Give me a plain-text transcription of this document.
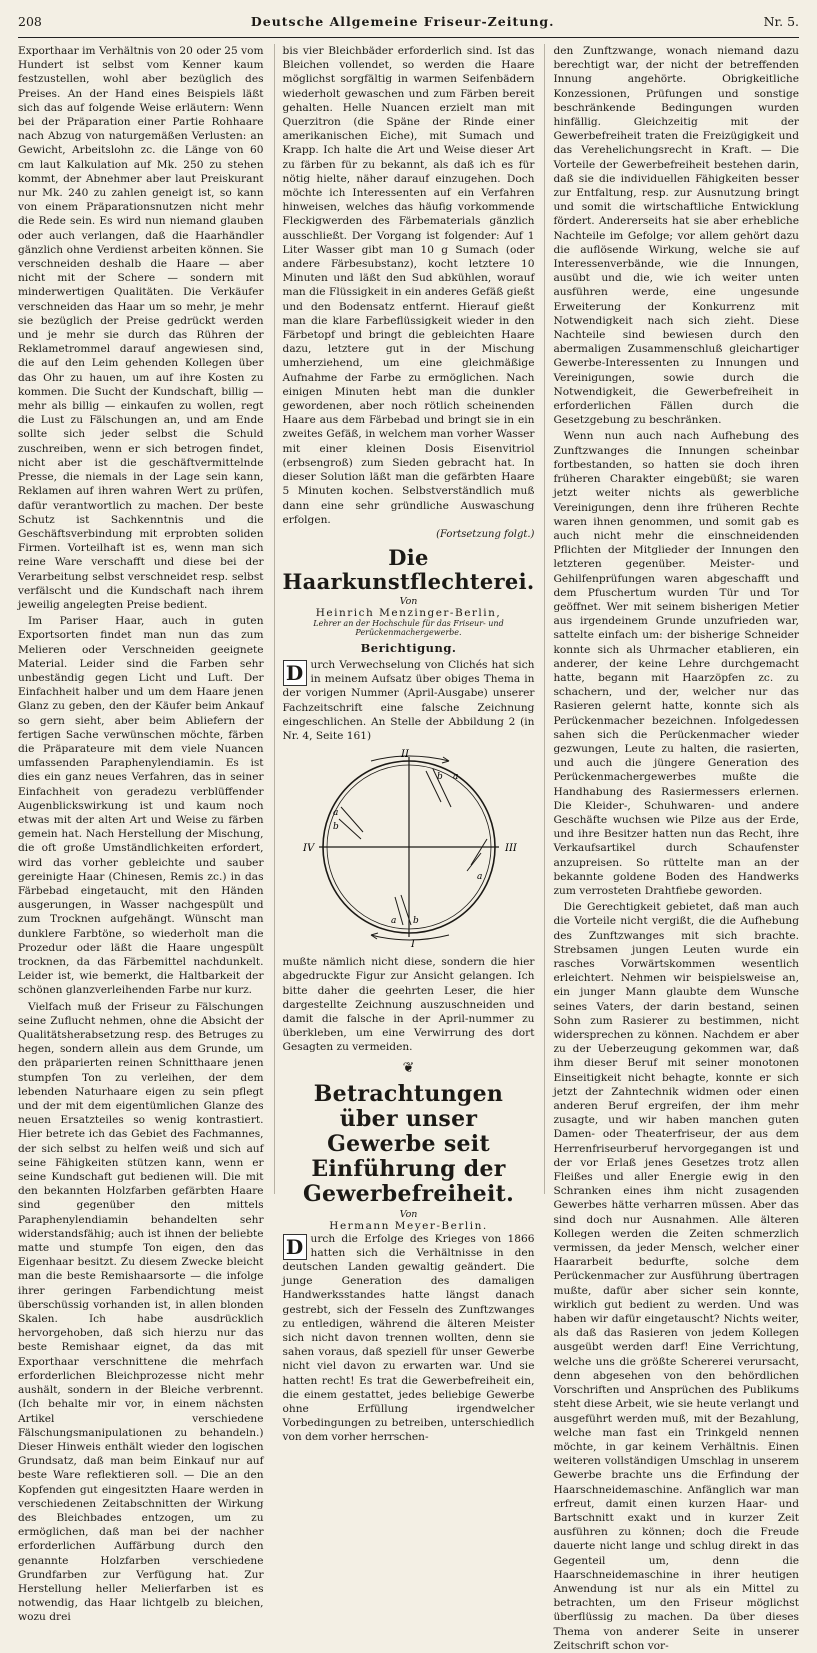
208	Deutsche Allgemeine Friseur-Zeitung.	Nr. 5.

Exporthaar im Verhältnis von 20 oder 25 vom Hundert ist selbst vom Kenner kaum festzustellen, wohl aber bezüglich des Preises. An der Hand eines Beispiels läßt sich das auf folgende Weise erläutern: Wenn bei der Präparation einer Partie Rohhaare nach Abzug von naturgemäßen Verlusten: an Gewicht, Arbeitslohn zc. die Länge von 60 cm laut Kalkulation auf Mk. 250 zu stehen kommt, der Abnehmer aber laut Preiskurant nur Mk. 240 zu zahlen geneigt ist, so kann von einem Präparationsnutzen nicht mehr die Rede sein. Es wird nun niemand glauben oder auch verlangen, daß die Haarhändler gänzlich ohne Verdienst arbeiten können. Sie verschneiden deshalb die Haare — aber nicht mit der Schere — sondern mit minderwertigen Qualitäten. Die Verkäufer verschneiden das Haar um so mehr, je mehr sie bezüglich der Preise gedrückt werden und je mehr sie durch das Rühren der Reklametrommel darauf angewiesen sind, die auf den Leim gehenden Kollegen über das Ohr zu hauen, um auf ihre Kosten zu kommen. Die Sucht der Kundschaft, billig — mehr als billig — einkaufen zu wollen, regt die Lust zu Fälschungen an, und am Ende sollte sich jeder selbst die Schuld zuschreiben, wenn er sich betrogen findet, nicht aber ist die geschäftvermittelnde Presse, die niemals in der Lage sein kann, Reklamen auf ihren wahren Wert zu prüfen, dafür verantwortlich zu machen. Der beste Schutz ist Sachkenntnis und die Geschäftsverbindung mit erprobten soliden Firmen. Vorteilhaft ist es, wenn man sich reine Ware verschafft und diese bei der Verarbeitung selbst verschneidet resp. selbst verfälscht und die Kundschaft nach ihrem jeweilig angelegten Preise bedient.

Im Pariser Haar, auch in guten Exportsorten findet man nun das zum Melieren oder Verschneiden geeignete Material. Leider sind die Farben sehr unbeständig gegen Licht und Luft. Der Einfachheit halber und um dem Haare jenen Glanz zu geben, den der Käufer beim Ankauf so gern sieht, aber beim Abliefern der fertigen Sache verwünschen möchte, färben die Präparateure mit dem viele Nuancen umfassenden Paraphenylendiamin. Es ist dies ein ganz neues Verfahren, das in seiner Einfachheit von geradezu verblüffender Augenblickswirkung ist und kaum noch etwas mit der alten Art und Weise zu färben gemein hat. Nach Herstellung der Mischung, die oft große Umständlichkeiten erfordert, wird das vorher gebleichte und sauber gereinigte Haar (Chinesen, Remis zc.) in das Färbebad eingetaucht, mit den Händen ausgerungen, in Wasser nachgespült und zum Trocknen aufgehängt. Wünscht man dunklere Farbtöne, so wiederholt man die Prozedur oder läßt die Haare ungespült trocknen, da das Färbemittel nachdunkelt. Leider ist, wie bemerkt, die Haltbarkeit der schönen glanzverleihenden Farbe nur kurz.

Vielfach muß der Friseur zu Fälschungen seine Zuflucht nehmen, ohne die Absicht der Qualitätsherabsetzung resp. des Betruges zu hegen, sondern allein aus dem Grunde, um den präparierten reinen Schnitthaare jenen stumpfen Ton zu verleihen, der dem lebenden Naturhaare eigen zu sein pflegt und der mit dem eigentümlichen Glanze des neuen Ersatzteiles so wenig kontrastiert. Hier betrete ich das Gebiet des Fachmannes, der sich selbst zu helfen weiß und sich auf seine Fähigkeiten stützen kann, wenn er seine Kundschaft gut bedienen will. Die mit den bekannten Holzfarben gefärbten Haare sind gegenüber den mittels Paraphenylendiamin behandelten sehr widerstandsfähig; auch ist ihnen der beliebte matte und stumpfe Ton eigen, den das Eigenhaar besitzt. Zu diesem Zwecke bleicht man die beste Remishaarsorte — die infolge ihrer geringen Farbendichtung meist überschüssig vorhanden ist, in allen blonden Skalen. Ich habe ausdrücklich hervorgehoben, daß sich hierzu nur das beste Remishaar eignet, da das mit Exporthaar verschnittene die mehrfach erforderlichen Bleichprozesse nicht mehr aushält, sondern in der Bleiche verbrennt. (Ich behalte mir vor, in einem nächsten Artikel verschiedene Fälschungsmanipulationen zu behandeln.) Dieser Hinweis enthält wieder den logischen Grundsatz, daß man beim Einkauf nur auf beste Ware reflektieren soll. — Die an den Kopfenden gut eingesitzten Haare werden in verschiedenen Zeitabschnitten der Wirkung des Bleichbades entzogen, um zu ermöglichen, daß man bei der nachher erforderlichen Auffärbung durch den genannte Holzfarben verschiedene Grundfarben zur Verfügung hat. Zur Herstellung heller Melierfarben ist es notwendig, das Haar lichtgelb zu bleichen, wozu drei

bis vier Bleichbäder erforderlich sind. Ist das Bleichen vollendet, so werden die Haare möglichst sorgfältig in warmen Seifenbädern wiederholt gewaschen und zum Färben bereit gehalten. Helle Nuancen erzielt man mit Querzitron (die Späne der Rinde einer amerikanischen Eiche), mit Sumach und Krapp. Ich halte die Art und Weise dieser Art zu färben für zu bekannt, als daß ich es für nötig hielte, näher darauf einzugehen. Doch möchte ich Interessenten auf ein Verfahren hinweisen, welches das häufig vorkommende Fleckigwerden des Färbematerials gänzlich ausschließt. Der Vorgang ist folgender: Auf 1 Liter Wasser gibt man 10 g Sumach (oder andere Färbesubstanz), kocht letztere 10 Minuten und läßt den Sud abkühlen, worauf man die Flüssigkeit in ein anderes Gefäß gießt und den Bodensatz entfernt. Hierauf gießt man die klare Farbeflüssigkeit wieder in den Färbetopf und bringt die gebleichten Haare dazu, letztere gut in der Mischung umherziehend, um eine gleichmäßige Aufnahme der Farbe zu ermöglichen. Nach einigen Minuten hebt man die dunkler gewordenen, aber noch rötlich scheinenden Haare aus dem Färbebad und bringt sie in ein zweites Gefäß, in welchem man vorher Wasser mit einer kleinen Dosis Eisenvitriol (erbsengroß) zum Sieden gebracht hat. In dieser Solution läßt man die gefärbten Haare 5 Minuten kochen. Selbstverständlich muß dann eine sehr gründliche Auswaschung erfolgen.

(Fortsetzung folgt.)

Die Haarkunstflechterei.

Von

Heinrich Menzinger-Berlin,

Lehrer an der Hochschule für das Friseur- und Perückenmachergewerbe.

Berichtigung.

D urch Verwechselung von Clichés hat sich in meinem Aufsatz über obiges Thema in der vorigen Nummer (April-Ausgabe) unserer Fachzeitschrift eine falsche Zeichnung eingeschlichen. An Stelle der Abbildung 2 (in Nr. 4, Seite 161)

II
IV	III
I
a
b
a
b
a
a b

mußte nämlich nicht diese, sondern die hier abgedruckte Figur zur Ansicht gelangen. Ich bitte daher die geehrten Leser, die hier dargestellte Zeichnung auszuschneiden und damit die falsche in der April-nummer zu überkleben, um eine Verwirrung des dort Gesagten zu vermeiden.

❦
Betrachtungen über unser Gewerbe seit Einführung der Gewerbefreiheit.

Von

Hermann Meyer-Berlin.

D urch die Erfolge des Krieges von 1866 hatten sich die Verhältnisse in den deutschen Landen gewaltig geändert. Die junge Generation des damaligen Handwerksstandes hatte längst danach gestrebt, sich der Fesseln des Zunftzwanges zu entledigen, während die älteren Meister sich nicht davon trennen wollten, denn sie sahen voraus, daß speziell für unser Gewerbe nicht viel davon zu erwarten war. Und sie hatten recht! Es trat die Gewerbefreiheit ein, die einem gestattet, jedes beliebige Gewerbe ohne Erfüllung irgendwelcher Vorbedingungen zu betreiben, unterschiedlich von dem vorher herrschen-

den Zunftzwange, wonach niemand dazu berechtigt war, der nicht der betreffenden Innung angehörte. Obrigkeitliche Konzessionen, Prüfungen und sonstige beschränkende Bedingungen wurden hinfällig. Gleichzeitig mit der Gewerbefreiheit traten die Freizügigkeit und das Verehelichungsrecht in Kraft. — Die Vorteile der Gewerbefreiheit bestehen darin, daß sie die individuellen Fähigkeiten besser zur Entfaltung, resp. zur Ausnutzung bringt und somit die wirtschaftliche Entwicklung fördert. Andererseits hat sie aber erhebliche Nachteile im Gefolge; vor allem gehört dazu die auflösende Wirkung, welche sie auf Interessenverbände, wie die Innungen, ausübt und die, wie ich weiter unten ausführen werde, eine ungesunde Erweiterung der Konkurrenz mit Notwendigkeit nach sich zieht. Diese Nachteile sind bewiesen durch den abermaligen Zusammenschluß gleichartiger Gewerbe-Interessenten zu Innungen und Vereinigungen, sowie durch die Notwendigkeit, die Gewerbefreiheit in erforderlichen Fällen durch die Gesetzgebung zu beschränken.

Wenn nun auch nach Aufhebung des Zunftzwanges die Innungen scheinbar fortbestanden, so hatten sie doch ihren früheren Charakter eingebüßt; sie waren jetzt weiter nichts als gewerbliche Vereinigungen, denn ihre früheren Rechte waren ihnen genommen, und somit gab es auch nicht mehr die einschneidenden Pflichten der Mitglieder der Innungen den letzteren gegenüber. Meister- und Gehilfenprüfungen waren abgeschafft und dem Pfuschertum wurden Tür und Tor geöffnet. Wer mit seinem bisherigen Metier aus irgendeinem Grunde unzufrieden war, sattelte einfach um: der bisherige Schneider konnte sich als Uhrmacher etablieren, ein anderer, der keine Lehre durchgemacht hatte, begann mit Haarzöpfen zc. zu schachern, und der, welcher nur das Rasieren gelernt hatte, konnte sich als Perückenmacher bezeichnen. Infolgedessen sahen sich die Perückenmacher wieder gezwungen, Leute zu halten, die rasierten, und auch die jüngere Generation des Perückenmachergewerbes mußte die Handhabung des Rasiermessers erlernen. Die Kleider-, Schuhwaren- und andere Geschäfte wuchsen wie Pilze aus der Erde, und ihre Besitzer hatten nun das Recht, ihre Verkaufsartikel durch Schaufenster anzupreisen. So rüttelte man an der bekannte goldene Boden des Handwerks zum verrosteten Drahtfiebe geworden.

Die Gerechtigkeit gebietet, daß man auch die Vorteile nicht vergißt, die die Aufhebung des Zunftzwanges mit sich brachte. Strebsamen jungen Leuten wurde ein rasches Vorwärtskommen wesentlich erleichtert. Nehmen wir beispielsweise an, ein junger Mann glaubte dem Wunsche seines Vaters, der darin bestand, seinen Sohn zum Rasierer zu bestimmen, nicht widersprechen zu können. Nachdem er aber zu der Ueberzeugung gekommen war, daß ihm dieser Beruf mit seiner monotonen Einseitigkeit nicht behagte, konnte er sich jetzt der Zahntechnik widmen oder einen anderen Beruf ergreifen, der ihm mehr zusagte, und wir haben manchen guten Damen- oder Theaterfriseur, der aus dem Herrenfriseurberuf hervorgegangen ist und der vor Erlaß jenes Gesetzes trotz allen Fleißes und aller Energie ewig in den Schranken eines ihm nicht zusagenden Gewerbes hätte verharren müssen. Aber das sind doch nur Ausnahmen. Alle älteren Kollegen werden die Zeiten schmerzlich vermissen, da jeder Mensch, welcher einer Haararbeit bedurfte, solche dem Perückenmacher zur Ausführung übertragen mußte, dafür aber sicher sein konnte, wirklich gut bedient zu werden. Und was haben wir dafür eingetauscht? Nichts weiter, als daß das Rasieren von jedem Kollegen ausgeübt werden darf! Eine Verrichtung, welche uns die größte Schererei verursacht, denn abgesehen von den behördlichen Vorschriften und Ansprüchen des Publikums steht diese Arbeit, wie sie heute verlangt und ausgeführt werden muß, mit der Bezahlung, welche man fast ein Trinkgeld nennen möchte, in gar keinem Verhältnis. Einen weiteren vollständigen Umschlag in unserem Gewerbe brachte uns die Erfindung der Haarschneidemaschine. Anfänglich war man erfreut, damit einen kurzen Haar- und Bartschnitt exakt und in kurzer Zeit ausführen zu können; doch die Freude dauerte nicht lange und schlug direkt in das Gegenteil um, denn die Haarschneidemaschine in ihrer heutigen Anwendung ist nur als ein Mittel zu betrachten, um den Friseur möglichst überflüssig zu machen. Da über dieses Thema von anderer Seite in unserer Zeitschrift schon vor-
